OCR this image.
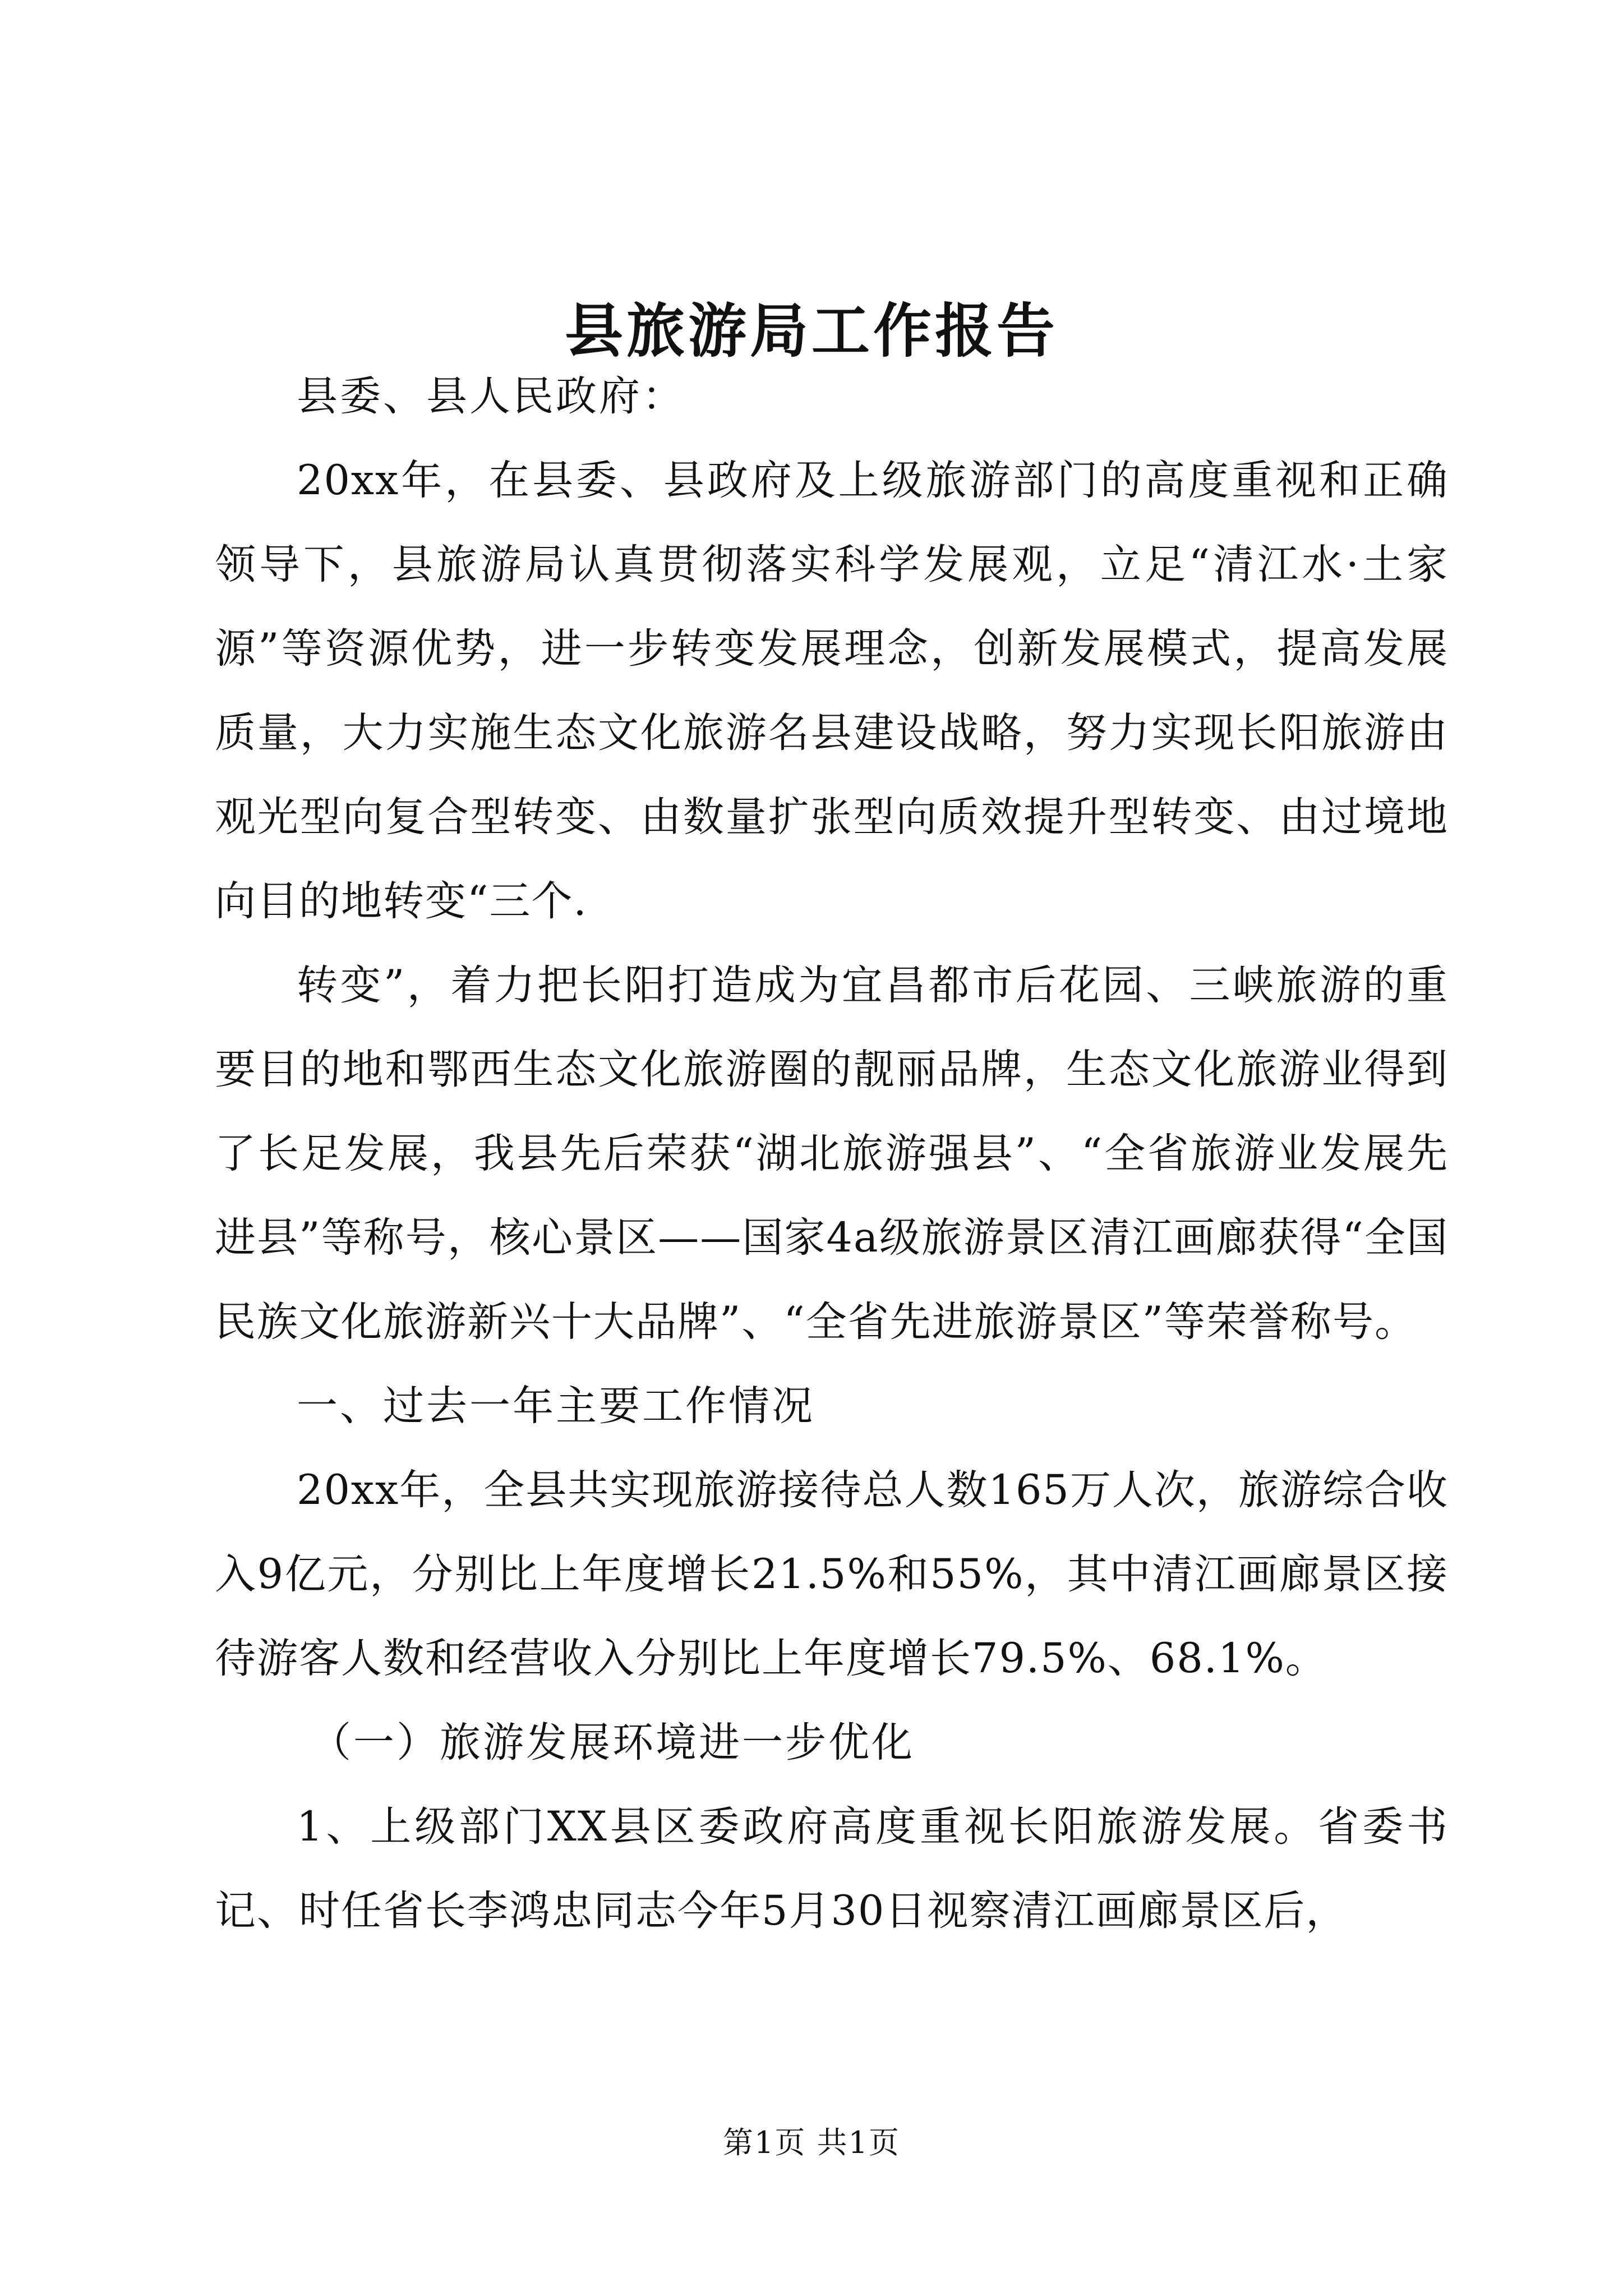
县旅游局工作报告

县委、县人民政府：

20xx年，在县委、县政府及上级旅游部门的高度重视和正确领导下，县旅游局认真贯彻落实科学发展观，立足“清江水·土家源”等资源优势，进一步转变发展理念，创新发展模式，提高发展质量，大力实施生态文化旅游名县建设战略，努力实现长阳旅游由观光型向复合型转变、由数量扩张型向质效提升型转变、由过境地向目的地转变“三个.

转变”，着力把长阳打造成为宜昌都市后花园、三峡旅游的重要目的地和鄂西生态文化旅游圈的靓丽品牌，生态文化旅游业得到了长足发展，我县先后荣获“湖北旅游强县”、“全省旅游业发展先进县”等称号，核心景区——国家4a级旅游景区清江画廊获得“全国民族文化旅游新兴十大品牌”、“全省先进旅游景区”等荣誉称号。

一、过去一年主要工作情况

20xx年，全县共实现旅游接待总人数165万人次，旅游综合收入9亿元，分别比上年度增长21.5%和55%，其中清江画廊景区接待游客人数和经营收入分别比上年度增长79.5%、68.1%。

（一）旅游发展环境进一步优化

1、上级部门XX县区委政府高度重视长阳旅游发展。省委书记、时任省长李鸿忠同志今年5月30日视察清江画廊景区后，

第1页 共1页
